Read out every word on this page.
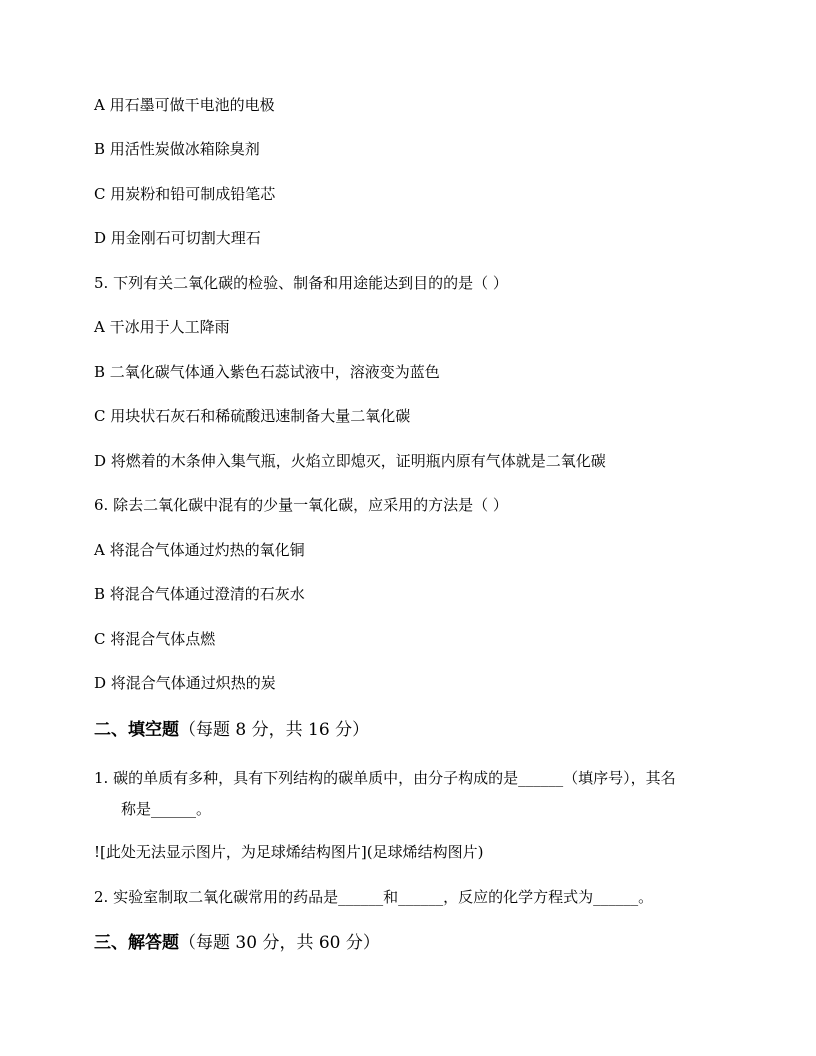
A 用石墨可做干电池的电极
B 用活性炭做冰箱除臭剂
C 用炭粉和铅可制成铅笔芯
D 用金刚石可切割大理石
5. 下列有关二氧化碳的检验、制备和用途能达到目的的是（ ）
A 干冰用于人工降雨
B 二氧化碳气体通入紫色石蕊试液中，溶液变为蓝色
C 用块状石灰石和稀硫酸迅速制备大量二氧化碳
D 将燃着的木条伸入集气瓶，火焰立即熄灭，证明瓶内原有气体就是二氧化碳
6. 除去二氧化碳中混有的少量一氧化碳，应采用的方法是（ ）
A 将混合气体通过灼热的氧化铜
B 将混合气体通过澄清的石灰水
C 将混合气体点燃
D 将混合气体通过炽热的炭
二、填空题（每题 8 分，共 16 分）
1. 碳的单质有多种，具有下列结构的碳单质中，由分子构成的是______（填序号），其名
称是______。
![此处无法显示图片，为足球烯结构图片](足球烯结构图片)
2. 实验室制取二氧化碳常用的药品是______和______，反应的化学方程式为______。
三、解答题（每题 30 分，共 60 分）
